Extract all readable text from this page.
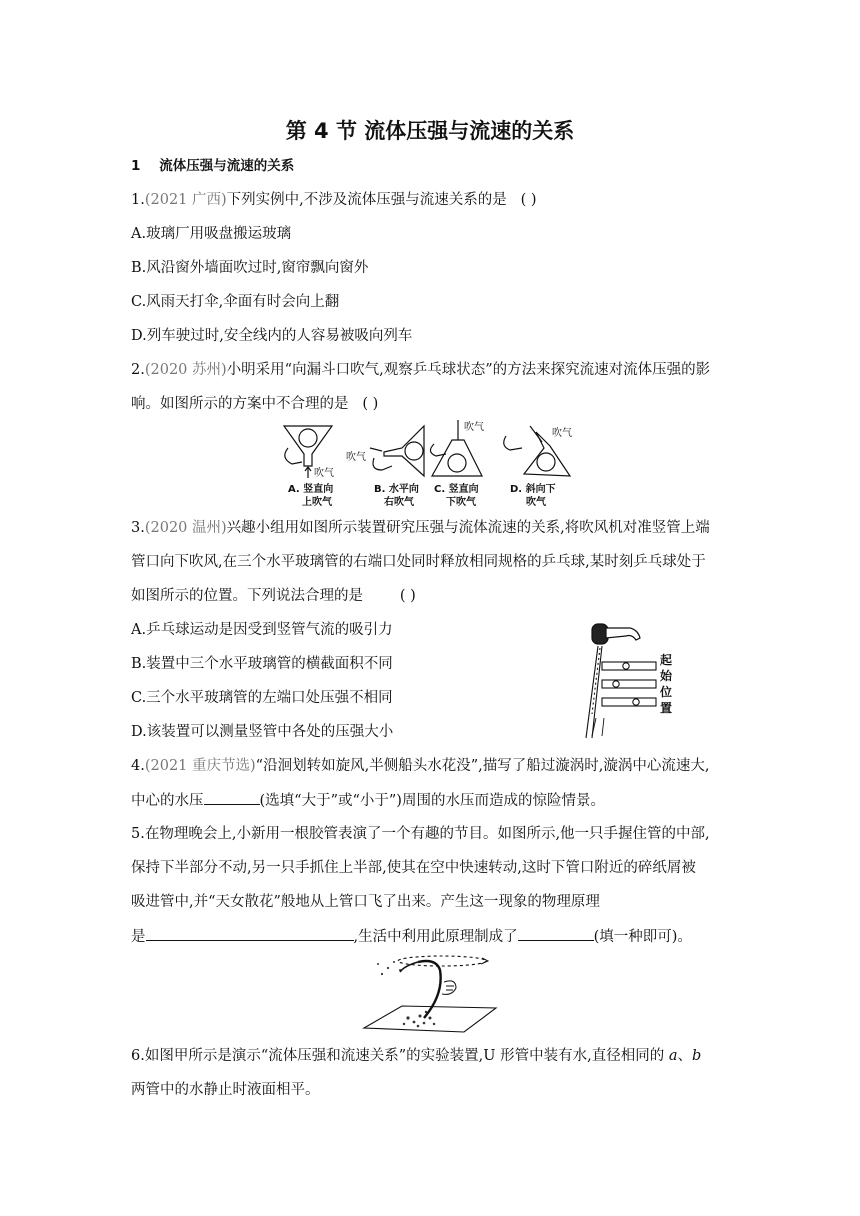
第 4 节 流体压强与流速的关系
1 流体压强与流速的关系
1.(2021 广西)下列实例中,不涉及流体压强与流速关系的是 ( )
A.玻璃厂用吸盘搬运玻璃
B.风沿窗外墙面吹过时,窗帘飘向窗外
C.风雨天打伞,伞面有时会向上翻
D.列车驶过时,安全线内的人容易被吸向列车
2.(2020 苏州)小明采用“向漏斗口吹气,观察乒乓球状态”的方法来探究流速对流体压强的影
响。如图所示的方案中不合理的是 ( )
吹气
A. 竖直向
上吹气
吹气
B. 水平向
右吹气
吹气
C. 竖直向
下吹气
吹气
D. 斜向下
吹气
3.(2020 温州)兴趣小组用如图所示装置研究压强与流体流速的关系,将吹风机对准竖管上端
管口向下吹风,在三个水平玻璃管的右端口处同时释放相同规格的乒乓球,某时刻乒乓球处于
如图所示的位置。下列说法合理的是	( )
A.乒乓球运动是因受到竖管气流的吸引力
B.装置中三个水平玻璃管的横截面积不同
C.三个水平玻璃管的左端口处压强不相同
D.该装置可以测量竖管中各处的压强大小
起
始
位
置
4.(2021 重庆节选)“沿洄划转如旋风,半侧船头水花没”,描写了船过漩涡时,漩涡中心流速大,
中心的水压	(选填“大于”或“小于”)周围的水压而造成的惊险情景。
5.在物理晚会上,小新用一根胶管表演了一个有趣的节目。如图所示,他一只手握住管的中部,
保持下半部分不动,另一只手抓住上半部,使其在空中快速转动,这时下管口附近的碎纸屑被
吸进管中,并“天女散花”般地从上管口飞了出来。产生这一现象的物理原理
是	,生活中利用此原理制成了	(填一种即可)。
6.如图甲所示是演示“流体压强和流速关系”的实验装置,U 形管中装有水,直径相同的 a、b
两管中的水静止时液面相平。
